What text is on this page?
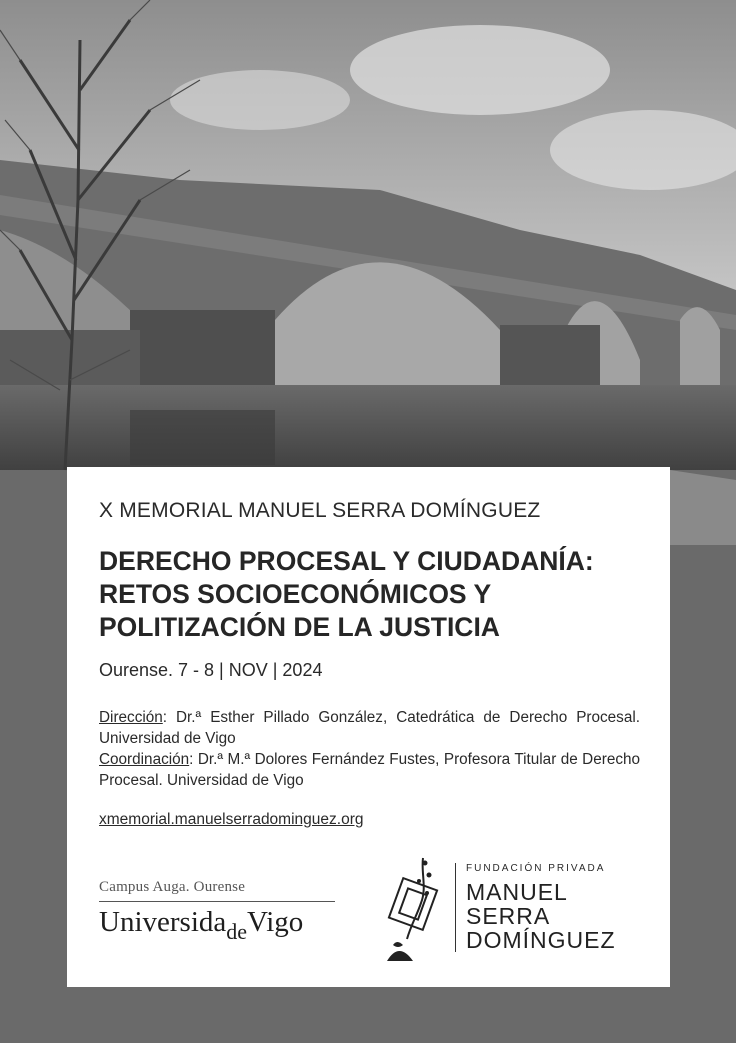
X MEMORIAL MANUEL SERRA DOMÍNGUEZ
DERECHO PROCESAL Y CIUDADANÍA:
RETOS SOCIOECONÓMICOS Y
POLITIZACIÓN DE LA JUSTICIA
Ourense. 7 - 8 | NOV | 2024

Dirección: Dr.ª Esther Pillado González, Catedrática de Derecho Procesal. Universidad de Vigo

Coordinación: Dr.ª M.ª Dolores Fernández Fustes, Profesora Titular de Derecho Procesal. Universidad de Vigo

xmemorial.manuelserradominguez.org
Campus Auga. Ourense
Universida$_{de}$Vigo
FUNDACIÓN PRIVADA
MANUEL
SERRA
DOMÍNGUEZ
